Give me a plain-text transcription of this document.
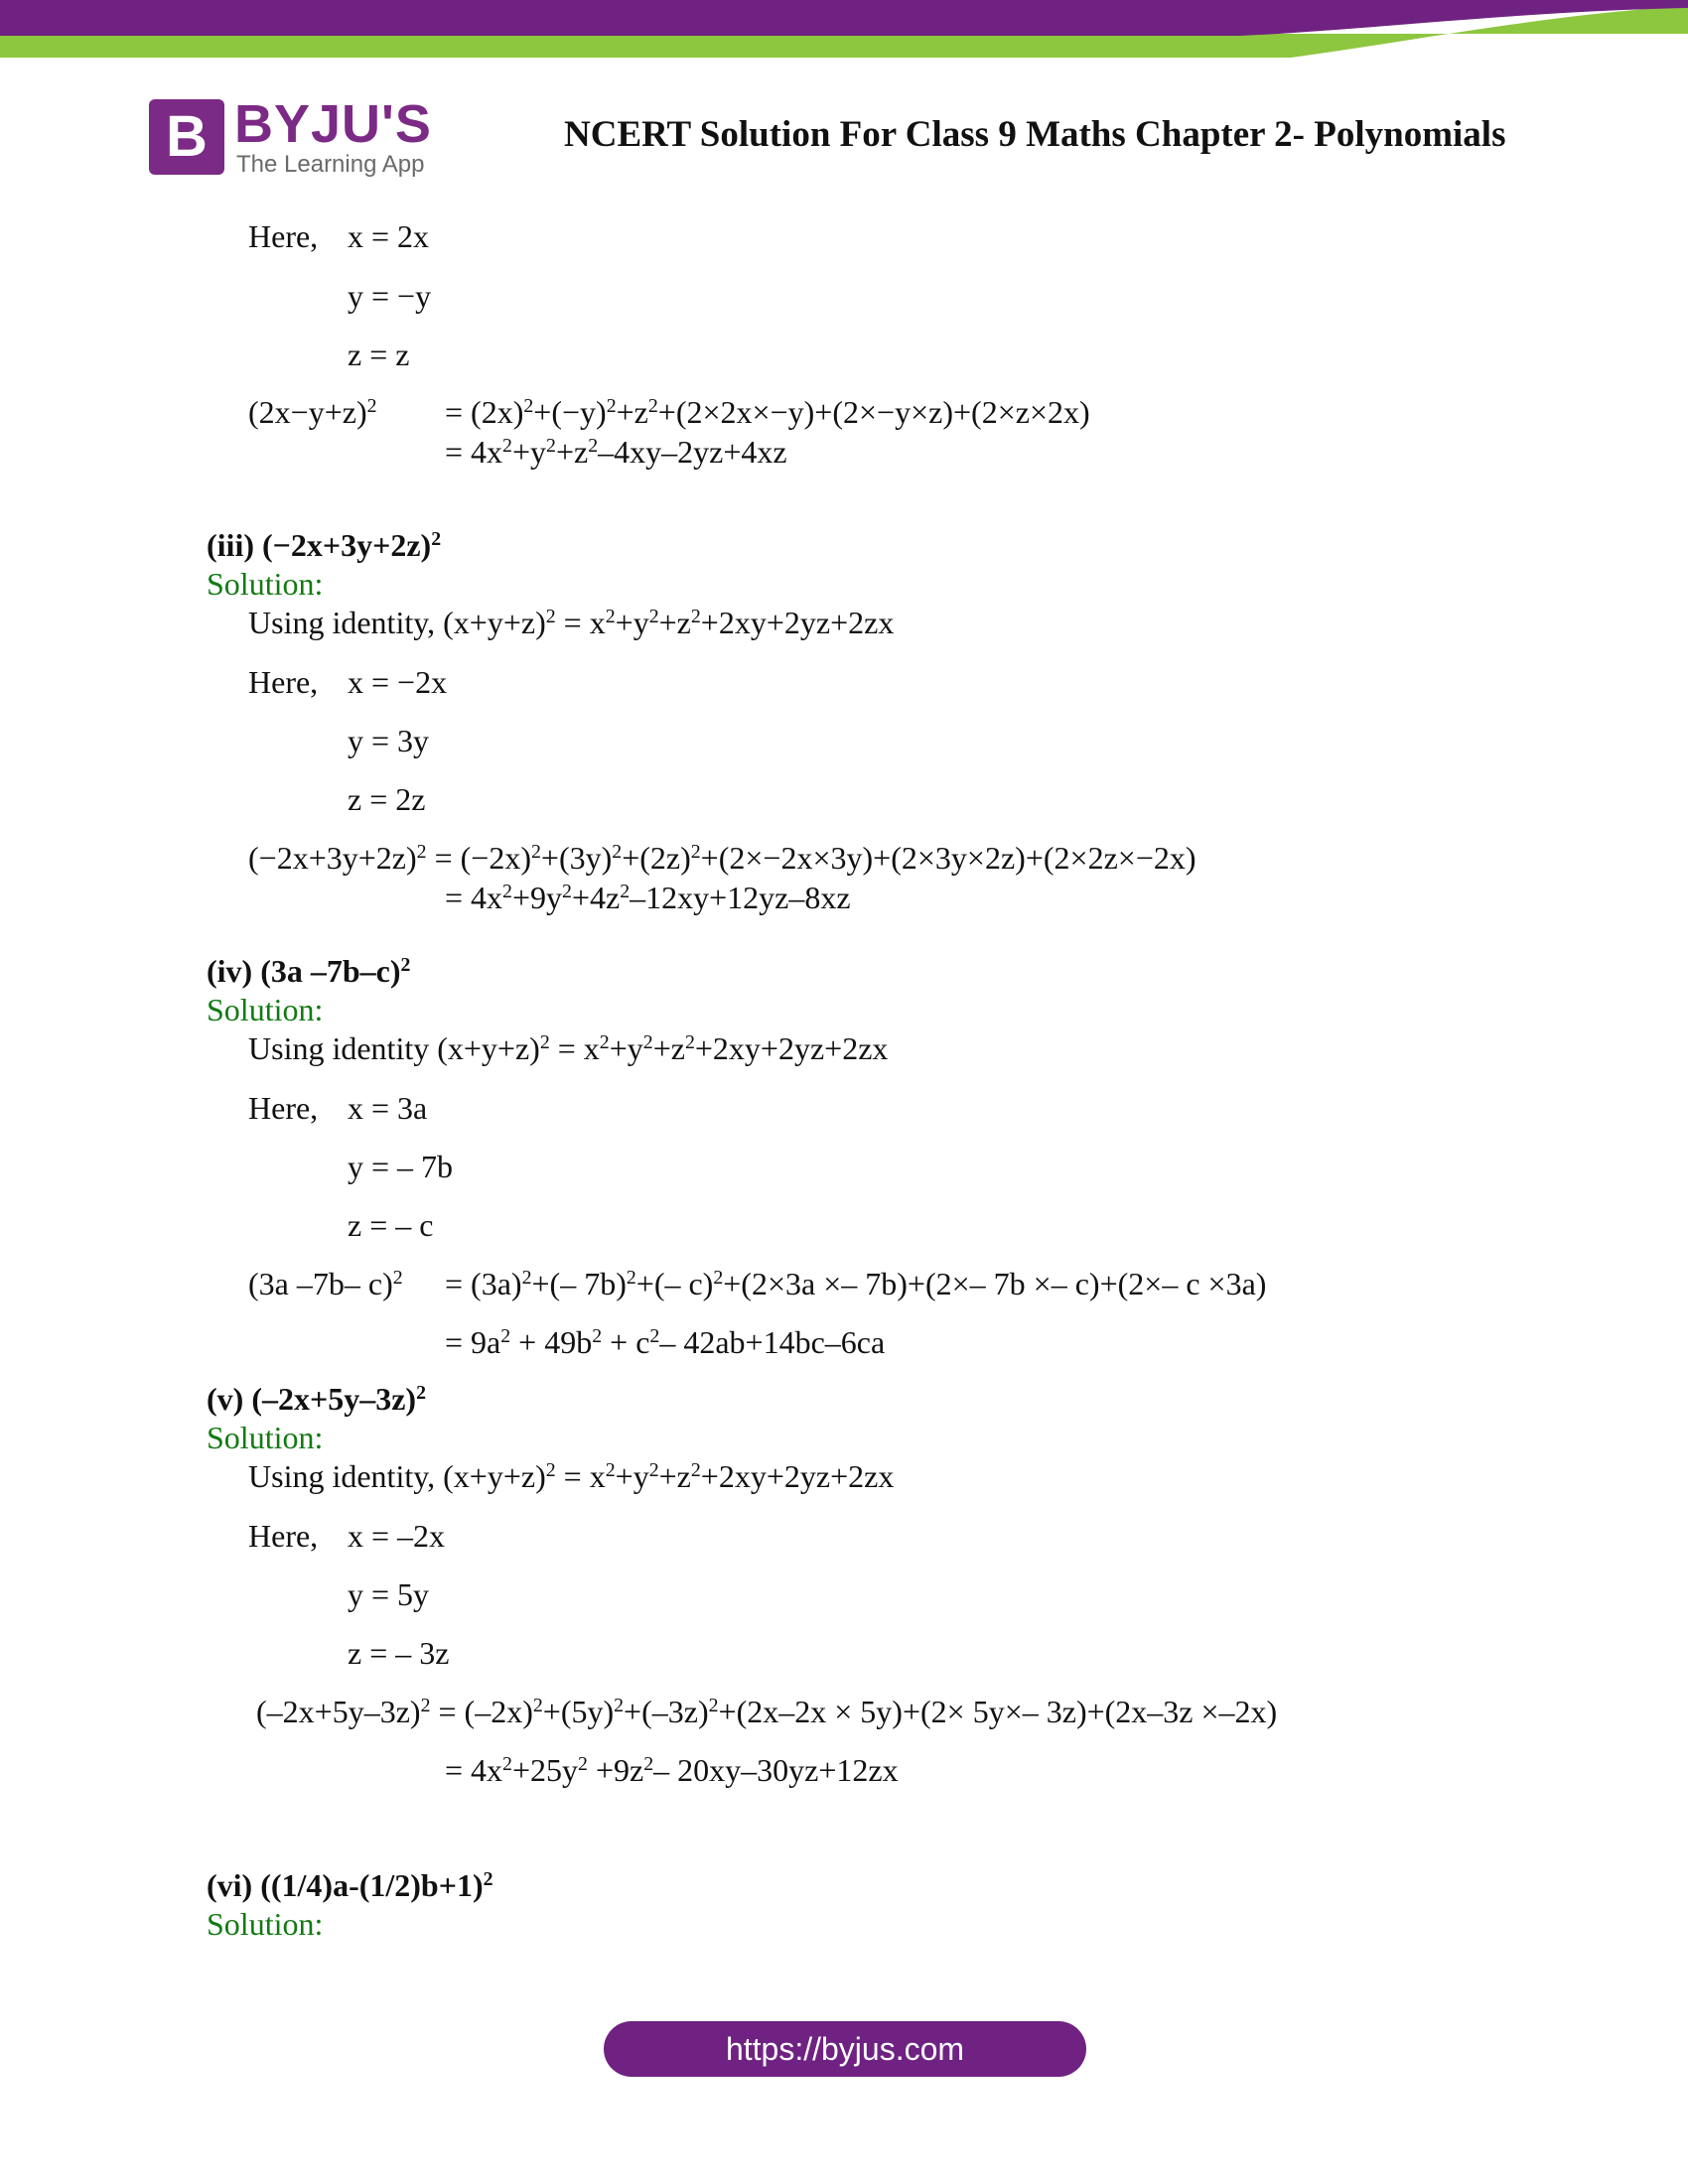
B BYJU'S
The Learning App
NCERT Solution For Class 9 Maths Chapter 2- Polynomials
Here, x = 2x
y = −y
z = z
$(2x-y+z)^2 = (2x)^2+(-y)^2+z^2+(2\times 2x\times-y)+(2\times-y\times z)+(2\times z\times 2x)$
= $4x^2+y^2+z^2-4xy-2yz+4xz$
(iii) $(-2x+3y+2z)^2$
Solution:
Using identity, $(x+y+z)^2 = x^2+y^2+z^2+2xy+2yz+2zx$
Here, x = −2x
y = 3y
z = 2z
$(-2x+3y+2z)^2 = (-2x)^2+(3y)^2+(2z)^2+(2\times-2x\times 3y)+(2\times 3y\times 2z)+(2\times 2z\times-2x)$
= $4x^2+9y^2+4z^2-12xy+12yz-8xz$
(iv) (3a –7b–c)$^2$
Solution:
Using identity $(x+y+z)^2 = x^2+y^2+z^2+2xy+2yz+2zx$
Here, x = 3a
y = – 7b
z = – c
(3a –7b– $c)^2 = (3a)^2+(-$ 7b)$^2$+(– c)$^2$+(2×3a ×– 7b)+(2×– 7b ×– c)+(2×– c ×3a)
= $9a^2 + 49b^2 + c^2-$ 42ab+14bc–6ca
(v) $(-2x+5y-3z)^2$
Solution:
Using identity, $(x+y+z)^2 = x^2+y^2+z^2+2xy+2yz+2zx$
Here, x = –2x
y = 5y
z = – 3z
$(-2x+5y-3z)^2 = (-2x)^2+(5y)^2+(-3z)^2+(2x-2x \times 5y)+(2\times 5y\times-$ 3z)+(2x–3z ×–2x)
= $4x^2+25y^2 +9z^2-$ 20xy–30yz+12zx
(vi) $((1/4)a-(1/2)b+1)^2$
Solution:
https://byjus.com
